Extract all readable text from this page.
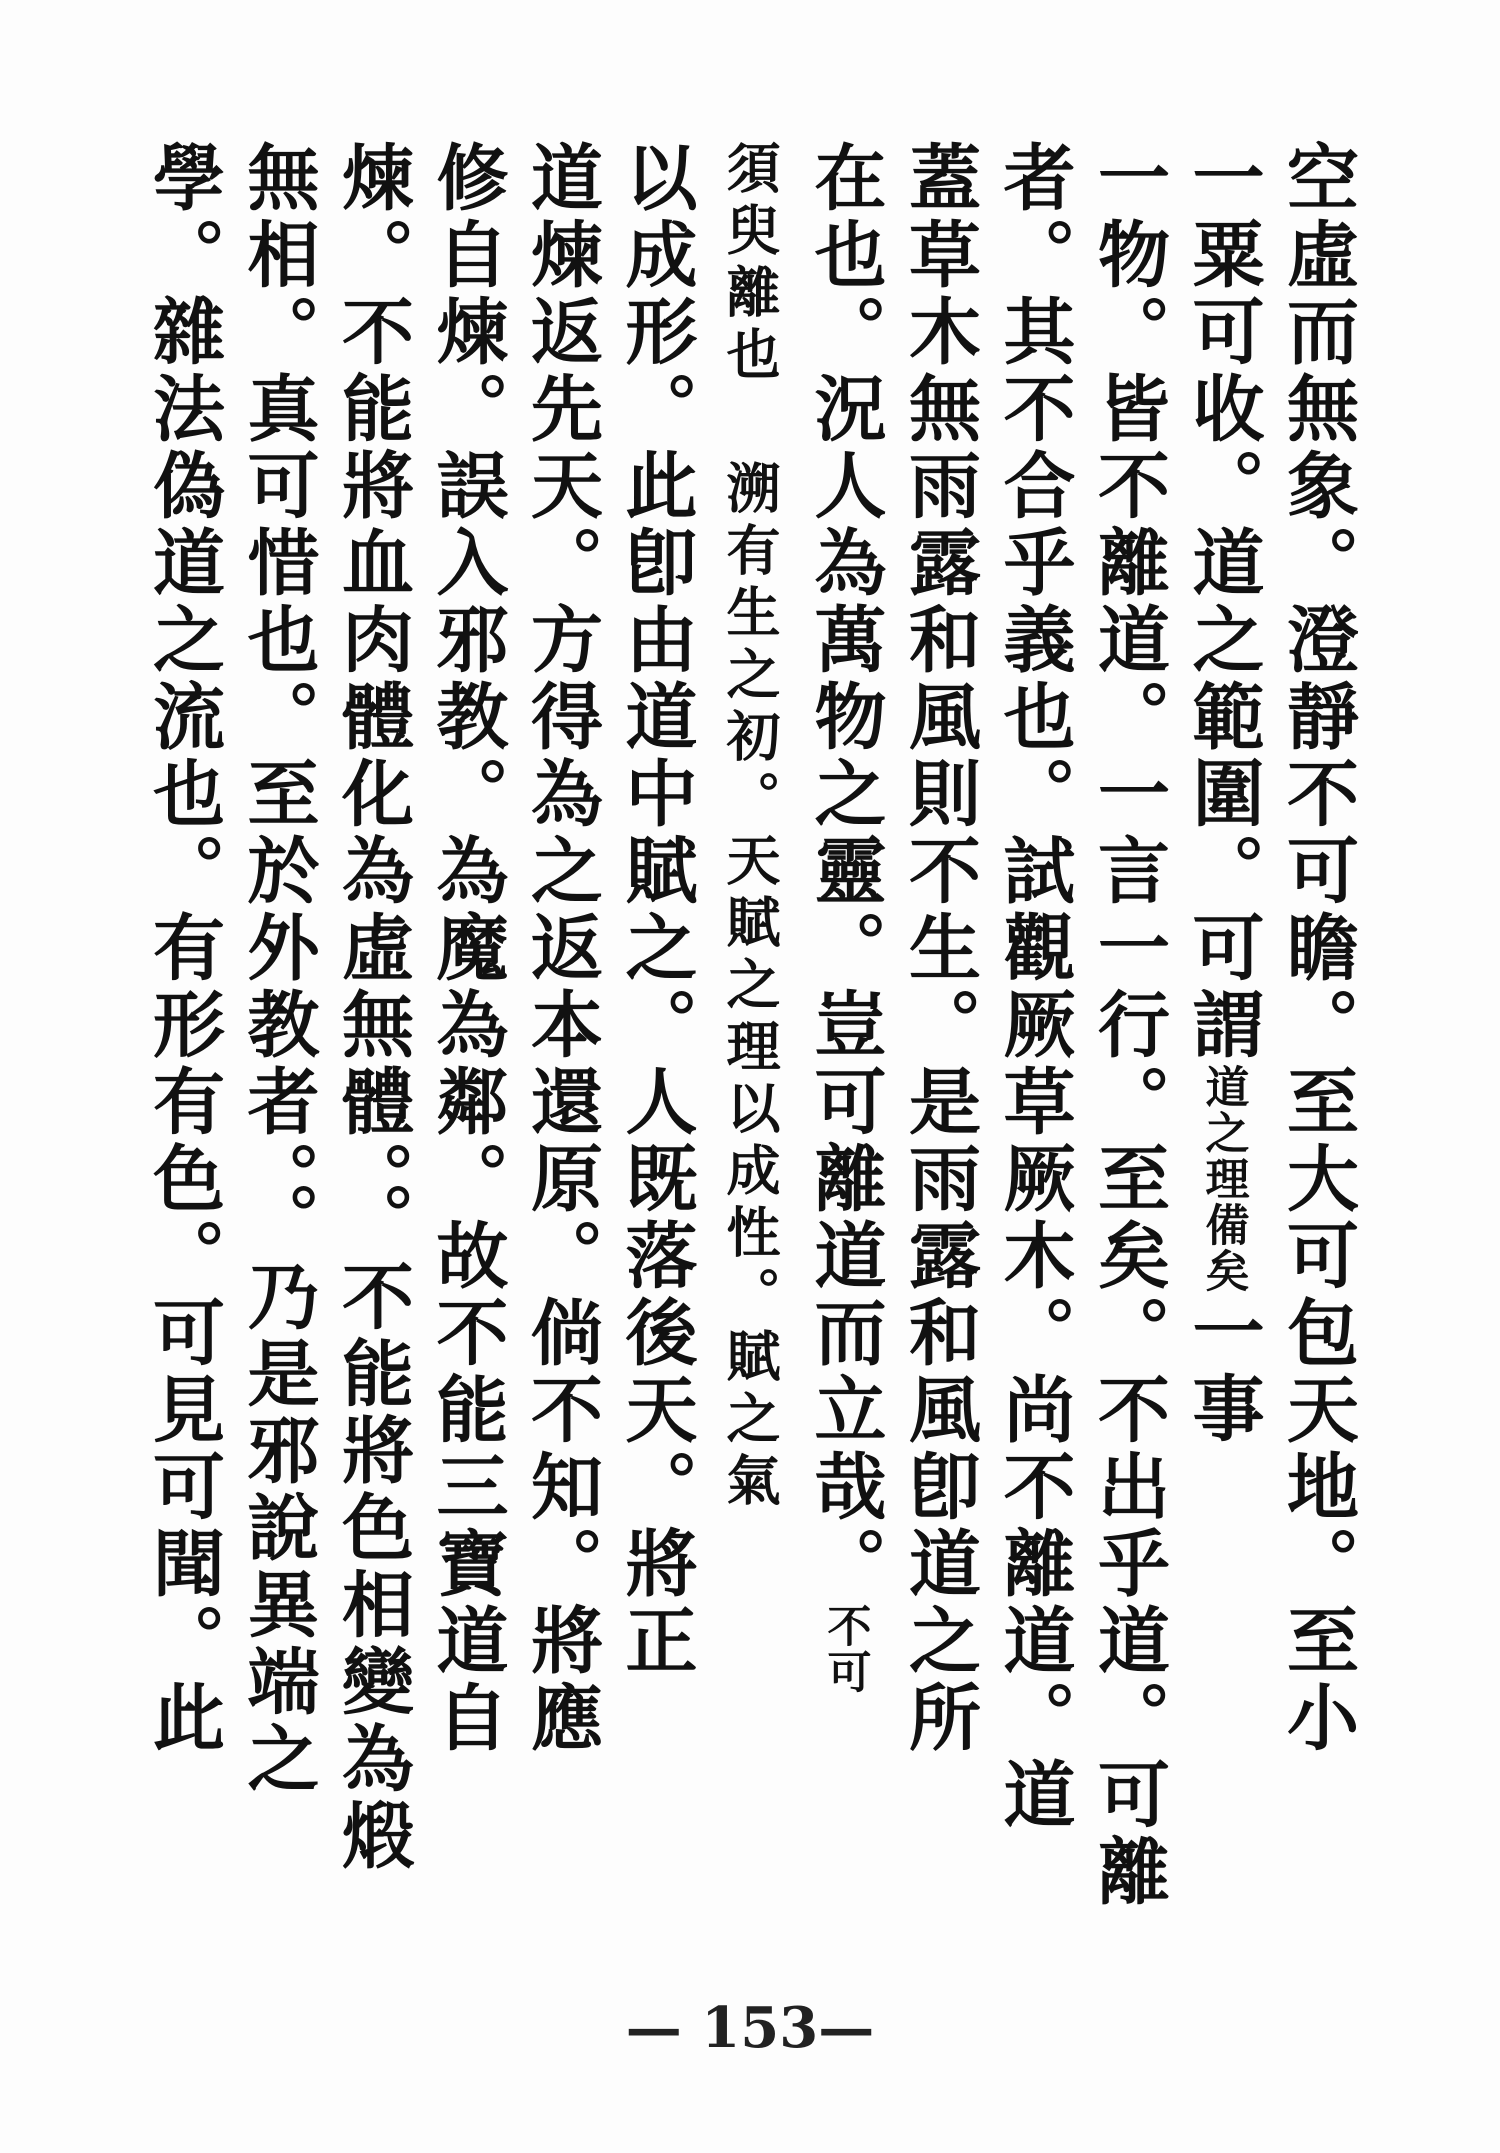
空虛而無象。澄靜不可瞻。至大可包天地。至小
一粟可收。道之範圍。可謂道之理備矣一事
一物。皆不離道。一言一行。至矣。不出乎道。可離
者。其不合乎義也。試觀厥草厥木。尚不離道。道
蓋草木無雨露和風則不生。是雨露和風卽道之所
在也。況人為萬物之靈。豈可離道而立哉。不可
須臾離也 溯有生之初。天賦之理以成性。賦之氣
以成形。此卽由道中賦之。人既落後天。將正
道煉返先天。方得為之返本還原。倘不知。將應
修自煉。誤入邪教。為魔為鄰。故不能三寶道自
煉。不能將血肉體化為虛無體。。不能將色相變為煅
無相。真可惜也。至於外教者。。乃是邪說異端之
學。雜法偽道之流也。有形有色。可見可聞。此
— 153—
